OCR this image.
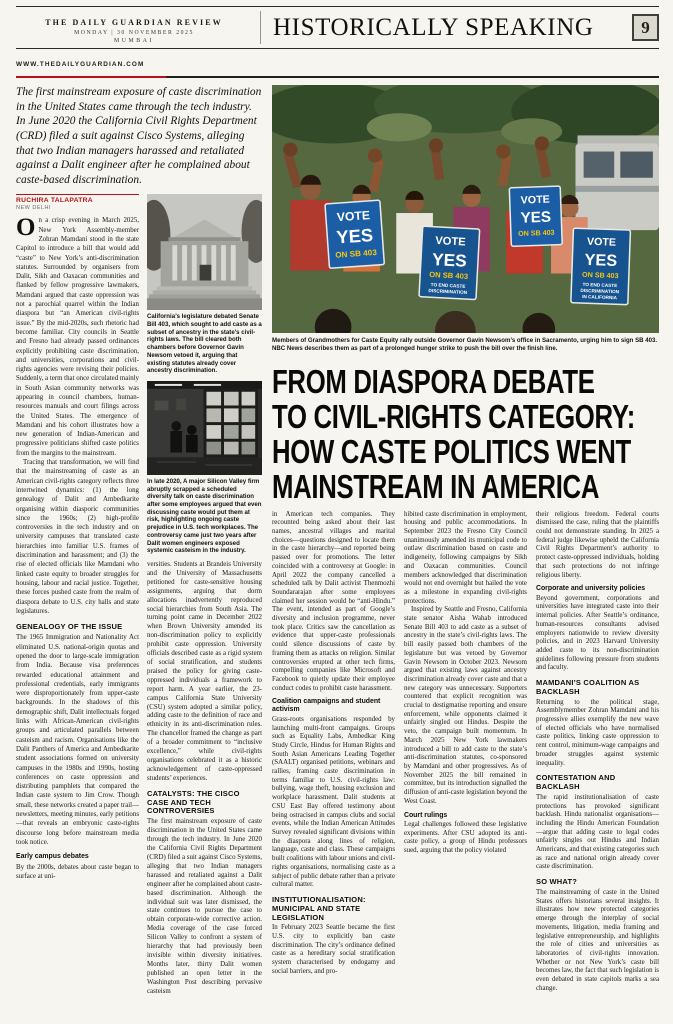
THE DAILY GUARDIAN REVIEW
MONDAY | 30 NOVEMBER 2025
MUMBAI
HISTORICALLY SPEAKING	9
WWW.THEDAILYGUARDIAN.COM
The first mainstream exposure of caste discrimination in the United States came through the tech industry. In June 2020 the California Civil Rights Department (CRD) filed a suit against Cisco Systems, alleging that two Indian managers harassed and retaliated against a Dalit engineer after he complained about caste-based discrimination.
RUCHIRA TALAPATRA
NEW DELHI
On a crisp evening in March 2025, New York Assembly-member Zohran Mamdani stood in the state Capitol to introduce a bill that would add “caste” to New York’s anti-discrimination statutes. Surrounded by organisers from Dalit, Sikh and Oaxacan communities and flanked by fellow progressive lawmakers, Mamdani argued that caste oppression was not a parochial quarrel within the Indian diaspora but “an American civil-rights issue.” By the mid-2020s, such rhetoric had become familiar. City councils in Seattle and Fresno had already passed ordinances explicitly prohibiting caste discrimination, and universities, corporations and civil-rights agencies were revising their policies. Suddenly, a term that once circulated mainly in South Asian community networks was appearing in council chambers, human-resources manuals and court filings across the United States. The emergence of Mamdani and his cohort illustrates how a new generation of Indian-American and progressive politicians shifted caste politics from the margins to the mainstream.
Tracing that transformation, we will find that the mainstreaming of caste as an American civil-rights category reflects three intertwined dynamics: (1) the long genealogy of Dalit and Ambedkarite organising within diasporic communities since the 1960s; (2) high-profile controversies in the tech industry and on university campuses that translated caste hierarchies into familiar U.S. frames of discrimination and harassment; and (3) the rise of elected officials like Mamdani who linked caste equity to broader struggles for housing, labour and racial justice. Together, these forces pushed caste from the realm of diaspora debate to U.S. city halls and state legislatures.
GENEALOGY OF THE ISSUE
The 1965 Immigration and Nationality Act eliminated U.S. national-origin quotas and opened the door to large-scale immigration from India. Because visa preferences rewarded educational attainment and professional credentials, early immigrants were disproportionately from upper-caste backgrounds. In the shadows of this demographic shift, Dalit intellectuals forged links with African-American civil-rights groups and articulated parallels between casteism and racism. Organisations like the Dalit Panthers of America and Ambedkarite student associations formed on university campuses in the 1980s and 1990s, hosting conferences on caste oppression and distributing pamphlets that compared the Indian caste system to Jim Crow. Though small, these networks created a paper trail—newsletters, meeting minutes, early petitions—that reveals an embryonic caste-rights discourse long before mainstream media took notice.
Early campus debates
By the 2000s, debates about caste began to surface at uni-
California’s legislature debated Senate Bill 403, which sought to add caste as a subset of ancestry in the state’s civil-rights laws. The bill cleared both chambers before Governor Gavin Newsom vetoed it, arguing that existing statutes already cover ancestry discrimination.
In late 2020, A major Silicon Valley firm abruptly scrapped a scheduled diversity talk on caste discrimination after some employees argued that even discussing caste would put them at risk, highlighting ongoing caste prejudice in U.S. tech workplaces. The controversy came just two years after Dalit women engineers exposed systemic casteism in the industry.
versities. Students at Brandeis University and the University of Massachusetts petitioned for caste-sensitive housing assignments, arguing that dorm allocations inadvertently reproduced social hierarchies from South Asia. The turning point came in December 2022 when Brown University amended its non-discrimination policy to explicitly prohibit caste oppression. University officials described caste as a rigid system of social stratification, and students praised the policy for giving caste-oppressed individuals a framework to report harm. A year earlier, the 23-campus California State University (CSU) system adopted a similar policy, adding caste to the definition of race and ethnicity in its anti-discrimination rules. The chancellor framed the change as part of a broader commitment to “inclusive excellence,” while civil-rights organisations celebrated it as a historic acknowledgement of caste-oppressed students’ experiences.
CATALYSTS: THE CISCO CASE AND TECH CONTROVERSIES
The first mainstream exposure of caste discrimination in the United States came through the tech industry. In June 2020 the California Civil Rights Department (CRD) filed a suit against Cisco Systems, alleging that two Indian managers harassed and retaliated against a Dalit engineer after he complained about caste-based discrimination. Although the individual suit was later dismissed, the state continues to pursue the case to obtain corporate-wide corrective action. Media coverage of the case forced Silicon Valley to confront a system of hierarchy that had previously been invisible within diversity initiatives. Months later, thirty Dalit women published an open letter in the Washington Post describing pervasive casteism
VOTE
YES
ON SB 403
VOTE
YES
ON SB 403
TO END CASTE
DISCRIMINATION
VOTE
YES
ON SB 403
VOTE
YES
ON SB 403
TO END CASTE
DISCRIMINATION
IN CALIFORNIA
Members of Grandmothers for Caste Equity rally outside Governor Gavin Newsom’s office in Sacramento, urging him to sign SB 403. NBC News describes them as part of a prolonged hunger strike to push the bill over the finish line.
FROM DIASPORA DEBATE
TO CIVIL-RIGHTS CATEGORY:
HOW CASTE POLITICS WENT
MAINSTREAM IN AMERICA
in American tech companies. They recounted being asked about their last names, ancestral villages and marital choices—questions designed to locate them in the caste hierarchy—and reported being passed over for promotions. The letter coincided with a controversy at Google: in April 2022 the company cancelled a scheduled talk by Dalit activist Thenmozhi Soundararajan after some employees claimed her session would be “anti-Hindu.” The event, intended as part of Google’s diversity and inclusion programme, never took place. Critics saw the cancellation as evidence that upper-caste professionals could silence discussions of caste by framing them as attacks on religion. Similar controversies erupted at other tech firms, compelling companies like Microsoft and Facebook to quietly update their employee conduct codes to prohibit caste harassment.
Coalition campaigns and student activism
Grass-roots organisations responded by launching multi-front campaigns. Groups such as Equality Labs, Ambedkar King Study Circle, Hindus for Human Rights and South Asian Americans Leading Together (SAALT) organised petitions, webinars and rallies, framing caste discrimination in terms familiar to U.S. civil-rights law: bullying, wage theft, housing exclusion and workplace harassment. Dalit students at CSU East Bay offered testimony about being ostracised in campus clubs and social events, while the Indian American Attitudes Survey revealed significant divisions within the diaspora along lines of religion, language, caste and class. These campaigns built coalitions with labour unions and civil-rights organisations, normalising caste as a subject of public debate rather than a private cultural matter.
INSTITUTIONALISATION: MUNICIPAL AND STATE LEGISLATION
In February 2023 Seattle became the first U.S. city to explicitly ban caste discrimination. The city’s ordinance defined caste as a hereditary social stratification system characterised by endogamy and social barriers, and pro-
hibited caste discrimination in employment, housing and public accommodations. In September 2023 the Fresno City Council unanimously amended its municipal code to outlaw discrimination based on caste and indigeneity, following campaigns by Sikh and Oaxacan communities. Council members acknowledged that discrimination would not end overnight but hailed the vote as a milestone in expanding civil-rights protections.
Inspired by Seattle and Fresno, California state senator Aisha Wahab introduced Senate Bill 403 to add caste as a subset of ancestry in the state’s civil-rights laws. The bill easily passed both chambers of the legislature but was vetoed by Governor Gavin Newsom in October 2023. Newsom argued that existing laws against ancestry discrimination already cover caste and that a new category was unnecessary. Supporters countered that explicit recognition was crucial to destigmatise reporting and ensure enforcement, while opponents claimed it unfairly singled out Hindus. Despite the veto, the campaign built momentum. In March 2025 New York lawmakers introduced a bill to add caste to the state’s anti-discrimination statutes, co-sponsored by Mamdani and other progressives. As of November 2025 the bill remained in committee, but its introduction signalled the diffusion of anti-caste legislation beyond the West Coast.
Court rulings
Legal challenges followed these legislative experiments. After CSU adopted its anti-caste policy, a group of Hindu professors sued, arguing that the policy violated
their religious freedom. Federal courts dismissed the case, ruling that the plaintiffs could not demonstrate standing. In 2025 a federal judge likewise upheld the California Civil Rights Department’s authority to protect caste-oppressed individuals, holding that such protections do not infringe religious liberty.
Corporate and university policies
Beyond government, corporations and universities have integrated caste into their internal policies. After Seattle’s ordinance, human-resources consultants advised employers nationwide to review diversity policies, and in 2023 Harvard University added caste to its non-discrimination guidelines following pressure from students and faculty.
MAMDANI’S COALITION AS BACKLASH
Returning to the political stage, Assemblymember Zohran Mamdani and his progressive allies exemplify the new wave of elected officials who have normalised caste politics, linking caste oppression to rent control, minimum-wage campaigns and broader struggles against systemic inequality.
CONTESTATION AND BACKLASH
The rapid institutionalisation of caste protections has provoked significant backlash. Hindu nationalist organisations—including the Hindu American Foundation—argue that adding caste to legal codes unfairly singles out Hindus and Indian Americans, and that existing categories such as race and national origin already cover caste discrimination.
SO WHAT?
The mainstreaming of caste in the United States offers historians several insights. It illustrates how new protected categories emerge through the interplay of social movements, litigation, media framing and legislative entrepreneurship, and highlights the role of cities and universities as laboratories of civil-rights innovation. Whether or not New York’s caste bill becomes law, the fact that such legislation is even debated in state capitols marks a sea change.
